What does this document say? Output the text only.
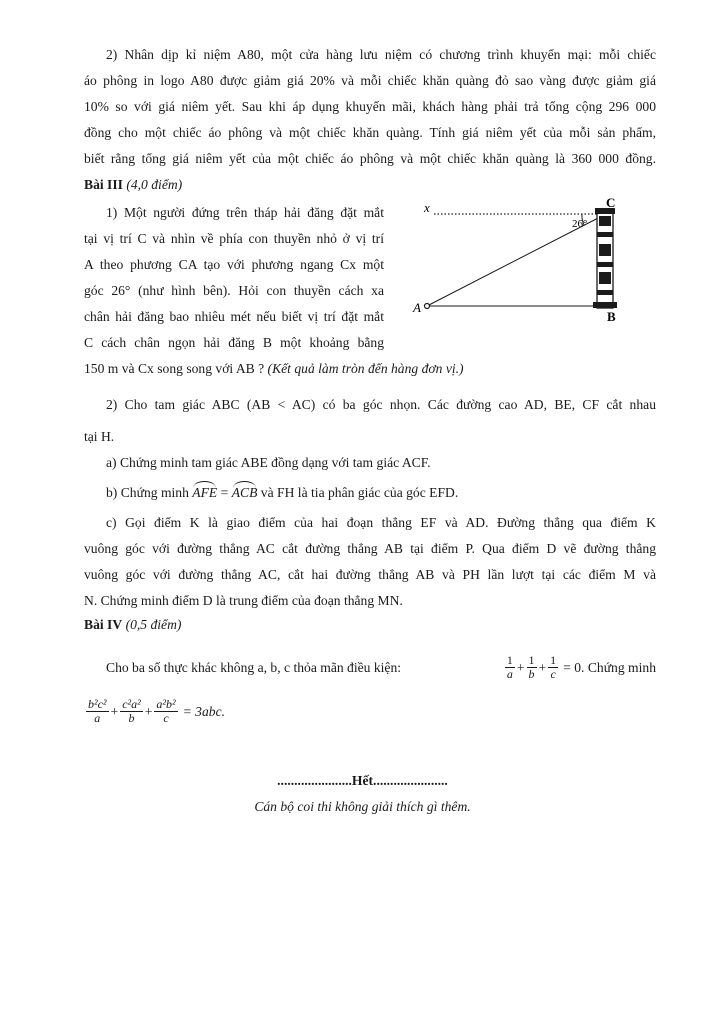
2) Nhân dịp kỉ niệm A80, một cửa hàng lưu niệm có chương trình khuyến mại: mỗi chiếc
áo phông in logo A80 được giảm giá 20% và mỗi chiếc khăn quàng đỏ sao vàng được giảm giá
10% so với giá niêm yết. Sau khi áp dụng khuyến mãi, khách hàng phải trả tổng cộng 296 000
đồng cho một chiếc áo phông và một chiếc khăn quàng. Tính giá niêm yết của mỗi sản phẩm,
biết rằng tổng giá niêm yết của một chiếc áo phông và một chiếc khăn quàng là 360 000 đồng.
Bài III (4,0 điểm)
1) Một người đứng trên tháp hải đăng đặt mắt
tại vị trí C và nhìn về phía con thuyền nhỏ ở vị trí
A theo phương CA tạo với phương ngang Cx một
góc 26° (như hình bên). Hỏi con thuyền cách xa
chân hải đăng bao nhiêu mét nếu biết vị trí đặt mắt
C cách chân ngọn hải đăng B một khoảng bằng
150 m và Cx song song với AB ? (Kết quả làm tròn đến hàng đơn vị.)
x	C
A
B
26°
2) Cho tam giác ABC (AB < AC) có ba góc nhọn. Các đường cao AD, BE, CF cắt nhau
tại H.
a) Chứng minh tam giác ABE đồng dạng với tam giác ACF.
b) Chứng minh AFE = ACB và FH là tia phân giác của góc EFD.
c) Gọi điểm K là giao điểm của hai đoạn thẳng EF và AD. Đường thẳng qua điểm K
vuông góc với đường thẳng AC cắt đường thẳng AB tại điểm P. Qua điểm D vẽ đường thẳng
vuông góc với đường thẳng AC, cắt hai đường thẳng AB và PH lần lượt tại các điểm M và
N. Chứng minh điểm D là trung điểm của đoạn thẳng MN.
Bài IV (0,5 điểm)
Cho ba số thực khác không a, b, c thỏa mãn điều kiện:	$\frac{1}{a} + \frac{1}{b} + \frac{1}{c} = 0$. Chứng minh
$\frac{\text{b²c²}}{a} + \frac{\text{c²a²}}{b} + \frac{\text{a²b²}}{c} = 3abc$.
......................Hết......................
Cán bộ coi thi không giải thích gì thêm.
